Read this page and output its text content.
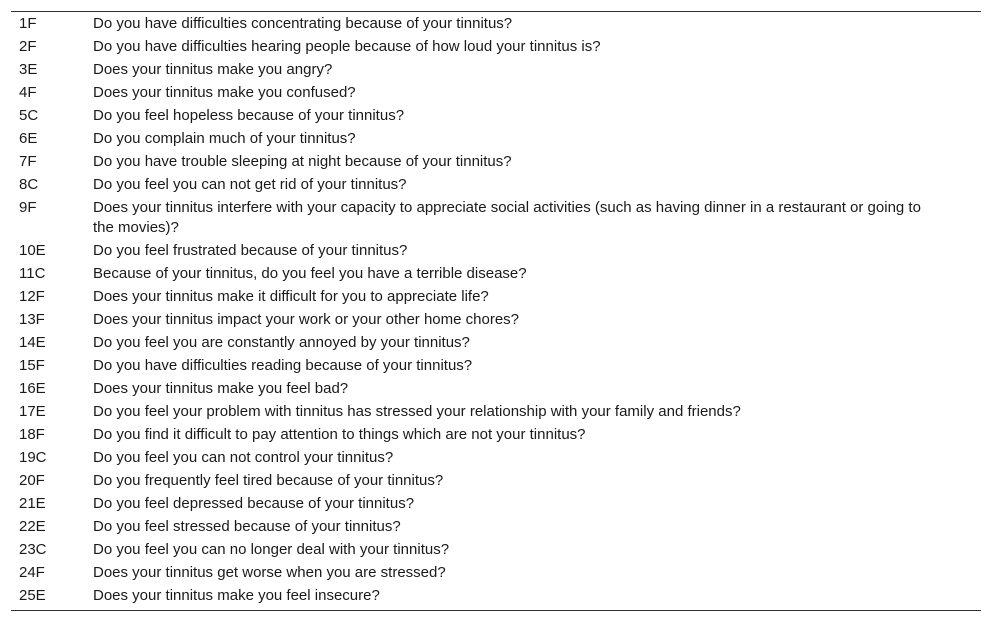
1F	Do you have difficulties concentrating because of your tinnitus?
2F	Do you have difficulties hearing people because of how loud your tinnitus is?
3E	Does your tinnitus make you angry?
4F	Does your tinnitus make you confused?
5C	Do you feel hopeless because of your tinnitus?
6E	Do you complain much of your tinnitus?
7F	Do you have trouble sleeping at night because of your tinnitus?
8C	Do you feel you can not get rid of your tinnitus?
9F	Does your tinnitus interfere with your capacity to appreciate social activities (such as having dinner in a restaurant or going to the movies)?
10E	Do you feel frustrated because of your tinnitus?
11C	Because of your tinnitus, do you feel you have a terrible disease?
12F	Does your tinnitus make it difficult for you to appreciate life?
13F	Does your tinnitus impact your work or your other home chores?
14E	Do you feel you are constantly annoyed by your tinnitus?
15F	Do you have difficulties reading because of your tinnitus?
16E	Does your tinnitus make you feel bad?
17E	Do you feel your problem with tinnitus has stressed your relationship with your family and friends?
18F	Do you find it difficult to pay attention to things which are not your tinnitus?
19C	Do you feel you can not control your tinnitus?
20F	Do you frequently feel tired because of your tinnitus?
21E	Do you feel depressed because of your tinnitus?
22E	Do you feel stressed because of your tinnitus?
23C	Do you feel you can no longer deal with your tinnitus?
24F	Does your tinnitus get worse when you are stressed?
25E	Does your tinnitus make you feel insecure?
